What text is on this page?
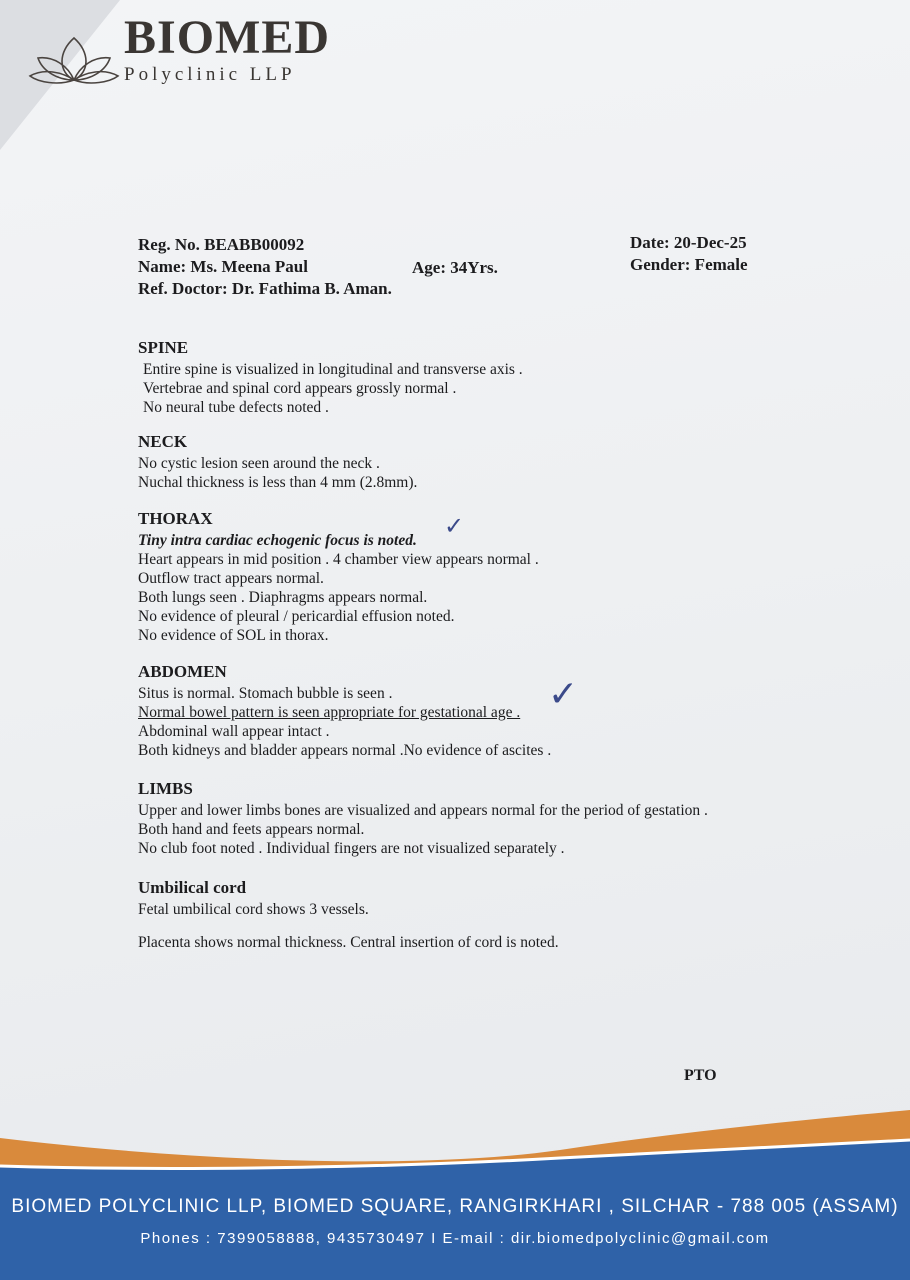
BIOMED
Polyclinic LLP
Reg. No. BEABB00092
Name: Ms. Meena Paul
Ref. Doctor: Dr. Fathima B. Aman.
Age: 34Yrs.
Date: 20-Dec-25
Gender: Female
SPINE

Entire spine is visualized in longitudinal and transverse axis .

Vertebrae and spinal cord appears grossly normal .

No neural tube defects noted .

NECK

No cystic lesion seen around the neck .

Nuchal thickness is less than 4 mm (2.8mm).

THORAX

Tiny intra cardiac echogenic focus is noted.

Heart appears in mid position . 4 chamber view appears normal .

Outflow tract appears normal.

Both lungs seen . Diaphragms appears normal.

No evidence of pleural / pericardial effusion noted.

No evidence of SOL in thorax.

✓
ABDOMEN

Situs is normal. Stomach bubble is seen .

Normal bowel pattern is seen appropriate for gestational age .

Abdominal wall appear intact .

Both kidneys and bladder appears normal .No evidence of ascites .

✓
LIMBS

Upper and lower limbs bones are visualized and appears normal for the period of gestation .

Both hand and feets appears normal.

No club foot noted . Individual fingers are not visualized separately .

Umbilical cord

Fetal umbilical cord shows 3 vessels.

Placenta shows normal thickness. Central insertion of cord is noted.
PTO
BIOMED POLYCLINIC LLP, BIOMED SQUARE, RANGIRKHARI , SILCHAR - 788 005 (ASSAM)
Phones : 7399058888, 9435730497 I E-mail : dir.biomedpolyclinic@gmail.com
